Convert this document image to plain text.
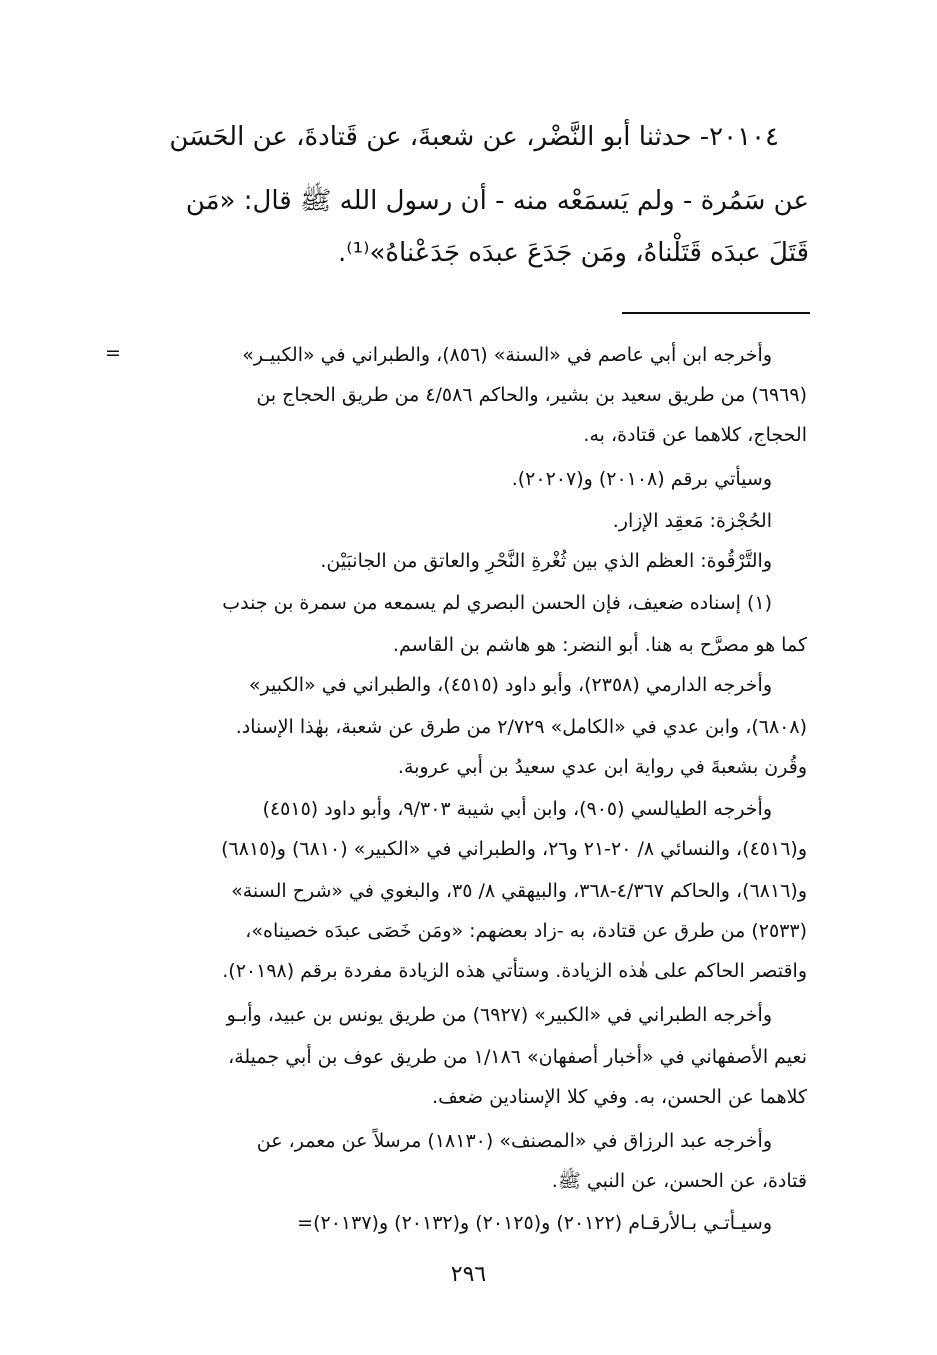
٢٠١٠٤- حدثنا أبو النَّضْر، عن شعبةَ، عن قَتادةَ، عن الحَسَن
عن سَمُرة - ولم يَسمَعْه منه - أن رسول الله ﷺ قال: «مَن
قَتَلَ عبدَه قَتَلْناهُ، ومَن جَدَعَ عبدَه جَدَعْناهُ»⁽¹⁾.
=	وأخرجه ابن أبي عاصم في «السنة» (٨٥٦)، والطبراني في «الكبيـر»
(٦٩٦٩) من طريق سعيد بن بشير، والحاكم ٤/٥٨٦ من طريق الحجاج بن
الحجاج، كلاهما عن قتادة، به.
وسيأتي برقم (٢٠١٠٨) و(٢٠٢٠٧).
الحُجْزة: مَعقِد الإزار.
والتَّرْقُوة: العظم الذي بين ثُغْرةِ النَّحْرِ والعاتق من الجانبَيْن.
(١) إسناده ضعيف، فإن الحسن البصري لم يسمعه من سمرة بن جندب
كما هو مصرَّح به هنا. أبو النضر: هو هاشم بن القاسم.
وأخرجه الدارمي (٢٣٥٨)، وأبو داود (٤٥١٥)، والطبراني في «الكبير»
(٦٨٠٨)، وابن عدي في «الكامل» ٢/٧٢٩ من طرق عن شعبة، بهٰذا الإسناد.
وقُرن بشعبةَ في رواية ابن عدي سعيدُ بن أبي عروبة.
وأخرجه الطيالسي (٩٠٥)، وابن أبي شيبة ٩/٣٠٣، وأبو داود (٤٥١٥)
و(٤٥١٦)، والنسائي ٨/ ٢٠-٢١ و٢٦، والطبراني في «الكبير» (٦٨١٠) و(٦٨١٥)
و(٦٨١٦)، والحاكم ٤/٣٦٧-٣٦٨، والبيهقي ٨/ ٣٥، والبغوي في «شرح السنة»
(٢٥٣٣) من طرق عن قتادة، به -زاد بعضهم: «ومَن خَصَى عبدَه خصيناه»،
واقتصر الحاكم على هٰذه الزيادة. وستأتي هذه الزيادة مفردة برقم (٢٠١٩٨).
وأخرجه الطبراني في «الكبير» (٦٩٢٧) من طريق يونس بن عبيد، وأبـو
نعيم الأصفهاني في «أخبار أصفهان» ١/١٨٦ من طريق عوف بن أبي جميلة،
كلاهما عن الحسن، به. وفي كلا الإسنادين ضعف.
وأخرجه عبد الرزاق في «المصنف» (١٨١٣٠) مرسلاً عن معمر، عن
قتادة، عن الحسن، عن النبي ﷺ.
وسيـأتـي بـالأرقـام (٢٠١٢٢) و(٢٠١٢٥) و(٢٠١٣٢) و(٢٠١٣٧)=
٢٩٦
